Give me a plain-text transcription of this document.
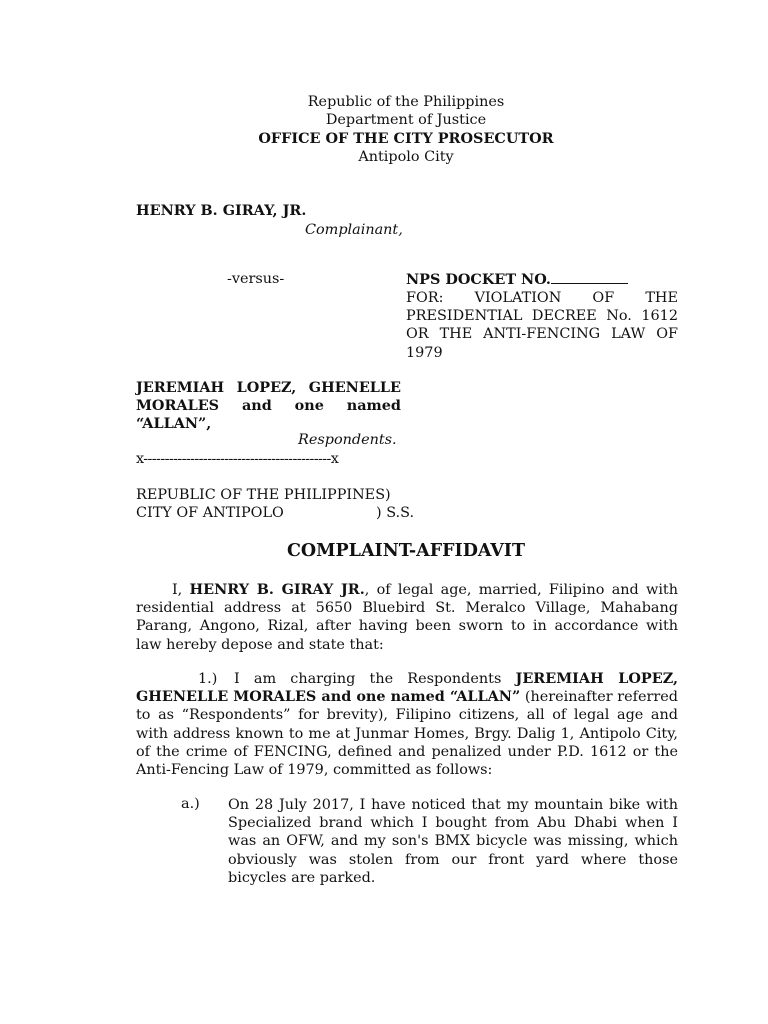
Republic of the Philippines
Department of Justice
OFFICE OF THE CITY PROSECUTOR
Antipolo City
HENRY B. GIRAY, JR.
Complainant,
-versus-	NPS DOCKET NO.
FOR: VIOLATION OF THE
PRESIDENTIAL DECREE No. 1612
OR THE ANTI-FENCING LAW OF
1979
JEREMIAH LOPEZ, GHENELLE
MORALES and one named
“ALLAN”,
Respondents.
x--------------------------------------------x
REPUBLIC OF THE PHILIPPINES)
CITY OF ANTIPOLO	) S.S.
COMPLAINT-AFFIDAVIT
I, HENRY B. GIRAY JR., of legal age, married, Filipino and with
residential address at 5650 Bluebird St. Meralco Village, Mahabang
Parang, Angono, Rizal, after having been sworn to in accordance with
law hereby depose and state that:
1.) I am charging the Respondents JEREMIAH LOPEZ,
GHENELLE MORALES and one named “ALLAN” (hereinafter referred
to as “Respondents” for brevity), Filipino citizens, all of legal age and
with address known to me at Junmar Homes, Brgy. Dalig 1, Antipolo City,
of the crime of FENCING, defined and penalized under P.D. 1612 or the
Anti-Fencing Law of 1979, committed as follows:
a.) On 28 July 2017, I have noticed that my mountain bike with
Specialized brand which I bought from Abu Dhabi when I
was an OFW, and my son's BMX bicycle was missing, which
obviously was stolen from our front yard where those
bicycles are parked.
